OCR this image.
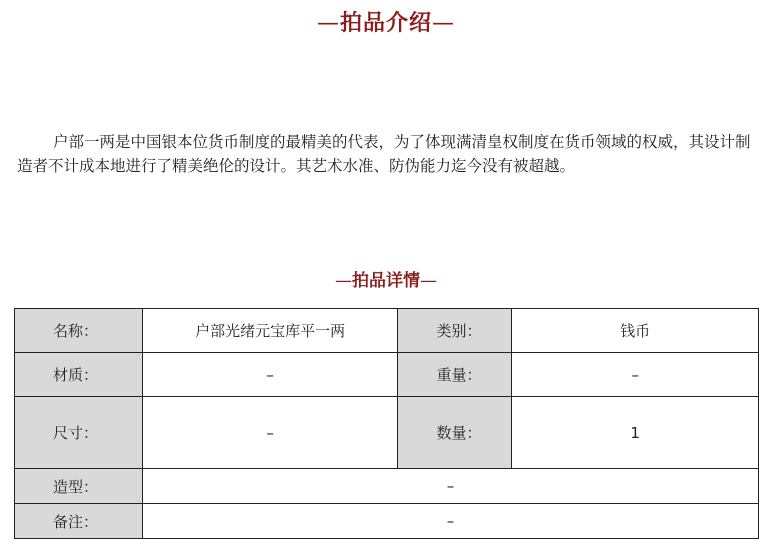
—拍品介绍—

户部一两是中国银本位货币制度的最精美的代表，为了体现满清皇权制度在货币领域的权威，其设计制造者不计成本地进行了精美绝伦的设计。其艺术水准、防伪能力迄今没有被超越。

—拍品详情—
名称：	户部光绪元宝库平一两	类别：	钱币
材质：	–	重量：	–
尺寸：	–	数量：	1
造型：	–		
备注：	–		
